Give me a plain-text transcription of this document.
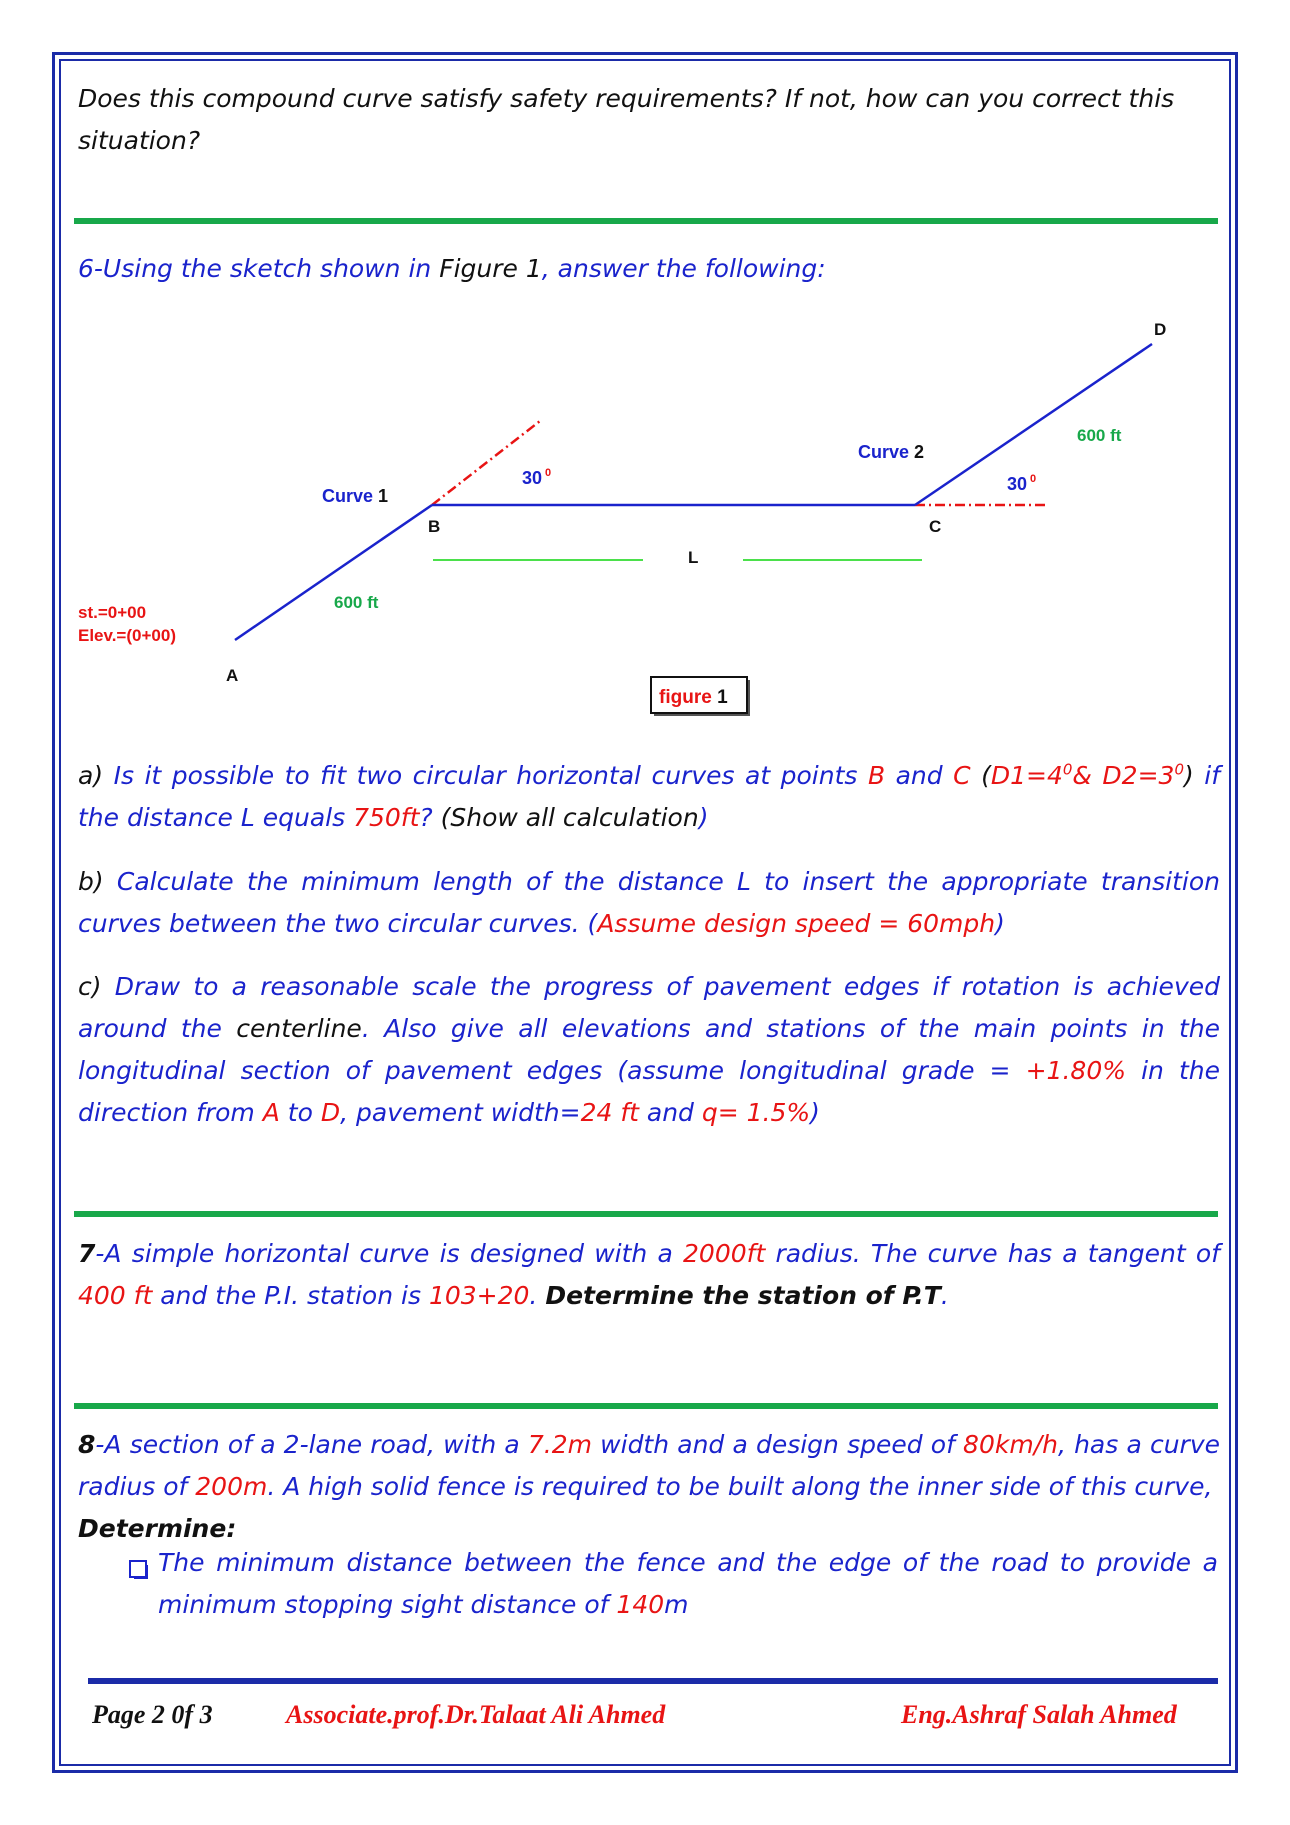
Does this compound curve satisfy safety requirements? If not, how can you correct this situation?

6-Using the sketch shown in Figure 1, answer the following:

A
B	C
D
L
Curve 1
Curve 2
600 ft
600 ft
30 $^0$
30 $^0$
st.=0+00
Elev.=(0+00)
figure 1

a) Is it possible to fit two circular horizontal curves at points B and C ($D1=4^0\&$ $D2=3^0$) if the distance L equals 750ft? (Show all calculation)

b) Calculate the minimum length of the distance L to insert the appropriate transition curves between the two circular curves. (Assume design speed = 60mph)

c) Draw to a reasonable scale the progress of pavement edges if rotation is achieved around the centerline. Also give all elevations and stations of the main points in the longitudinal section of pavement edges (assume longitudinal grade = +1.80% in the direction from A to D, pavement width=24 ft and q= 1.5%)

7-A simple horizontal curve is designed with a 2000ft radius. The curve has a tangent of 400 ft and the P.I. station is 103+20. Determine the station of P.T.

8-A section of a 2-lane road, with a 7.2m width and a design speed of 80km/h, has a curve radius of 200m. A high solid fence is required to be built along the inner side of this curve,
Determine:

The minimum distance between the fence and the edge of the road to provide a minimum stopping sight distance of 140m

Page 2 0f 3	Associate.prof.Dr.Talaat Ali Ahmed	Eng.Ashraf Salah Ahmed
